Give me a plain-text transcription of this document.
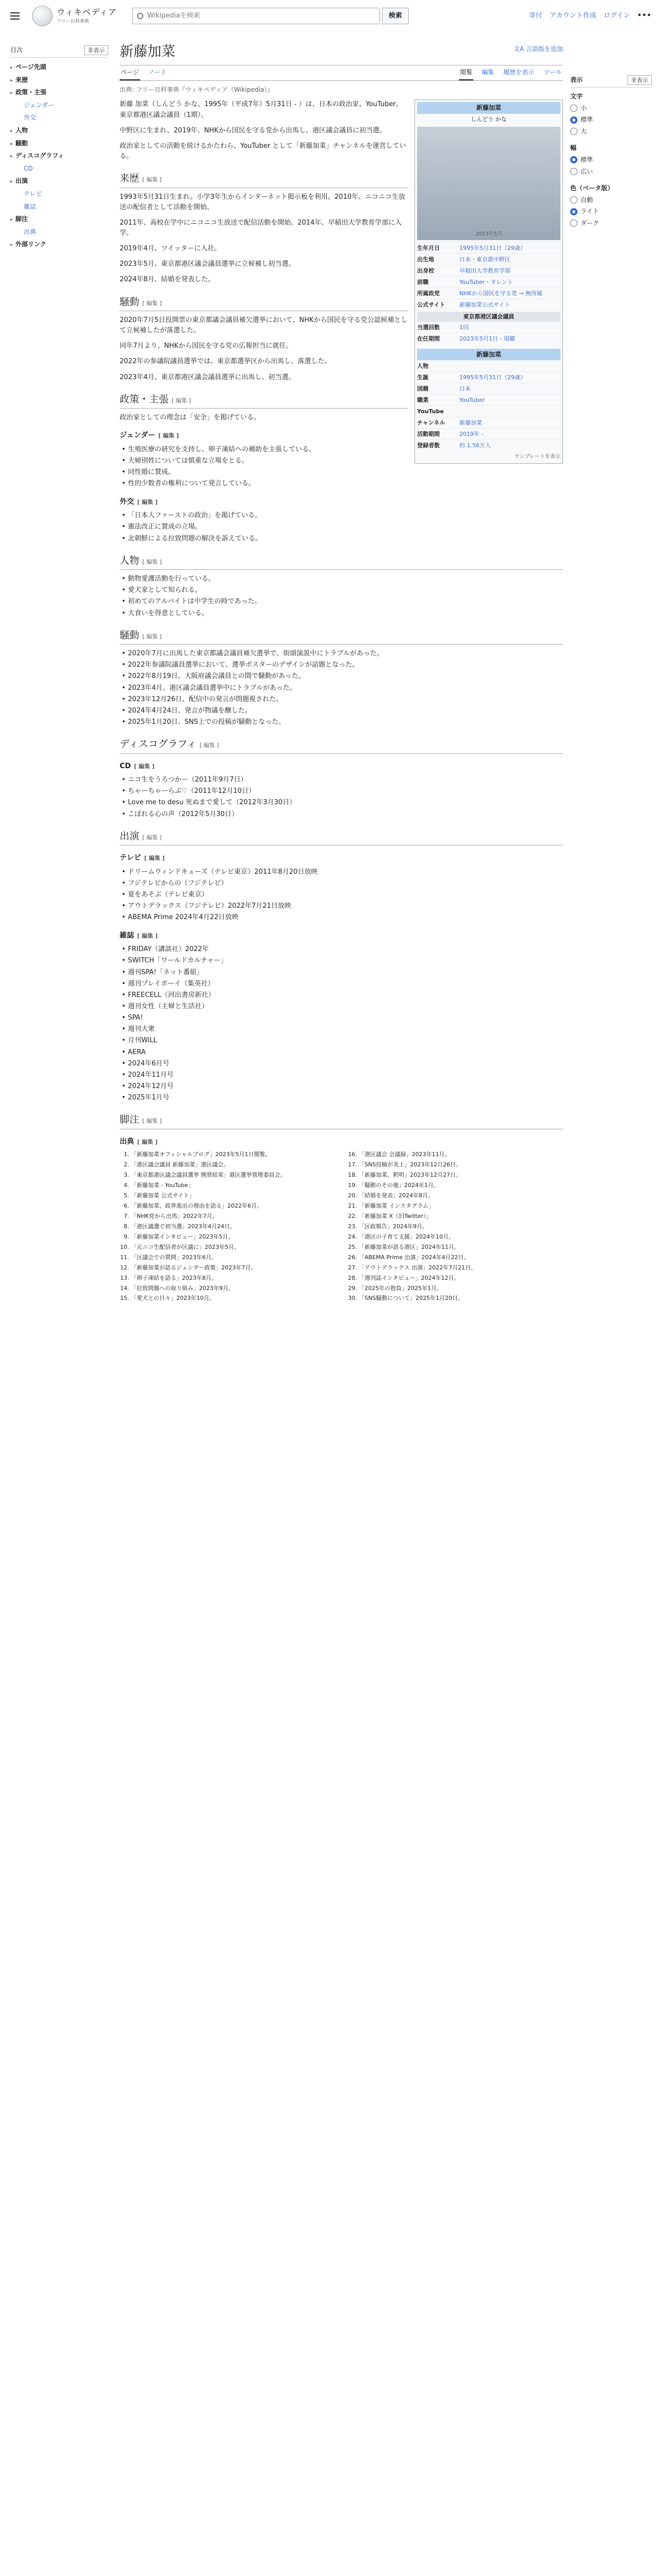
ウィキペディア
フリー百科事典
Wikipediaを検索	検索	寄付 アカウント作成 ログイン •••
目次	非表示
▸ ページ先頭
▸ 来歴
▸ 政策・主張
ジェンダー
外交
▸ 人物
▸ 騒動
▸ ディスコグラフィ
CD
▸ 出演
テレビ
雑誌
▸ 脚注
出典
▸ 外部リンク
表示	非表示
文字
小
標準
大
幅
標準
広い
色（ベータ版）
自動
ライト
ダーク
新藤加菜	文A 言語版を追加
ページ ノート	閲覧 編集 履歴を表示 ツール
出典: フリー百科事典『ウィキペディア（Wikipedia）』
新藤加菜
しんどう かな
2023年5月
生年月日	1995年5月31日（29歳）
出生地	日本・東京都中野区
出身校	早稲田大学教育学部
前職	YouTuber・タレント
所属政党	NHKから国民を守る党 → 無所属
公式サイト	新藤加菜公式サイト
東京都港区議会議員
当選回数	1回
在任期間	2023年5月1日 - 現職
新藤加菜
人物
生誕	1995年5月31日（29歳）
国籍	日本
職業	YouTuber
YouTube
チャンネル	新藤加菜
活動期間	2019年 -
登録者数	約 1.56万人
テンプレートを表示

新藤 加菜（しんどう かな、1995年（平成7年）5月31日 - ）は、日本の政治家、YouTuber。東京都港区議会議員（1期）。

中野区に生まれ、2019年、NHKから国民を守る党から出馬し、港区議会議員に初当選。

政治家としての活動を続けるかたわら、YouTuber として「新藤加菜」チャンネルを運営している。

来歴 [ 編集 ]

1993年5月31日生まれ。小学3年生からインターネット掲示板を利用。2010年、ニコニコ生放送の配信者として活動を開始。

2011年、高校在学中にニコニコ生放送で配信活動を開始。2014年、早稲田大学教育学部に入学。

2019年4月、ツイッターに入社。

2023年5月、東京都港区議会議員選挙に立候補し初当選。

2024年8月、結婚を発表した。

騒動 [ 編集 ]

2020年7月5日投開票の東京都議会議員補欠選挙において、NHKから国民を守る党公認候補として立候補したが落選した。

同年7月より、NHKから国民を守る党の広報担当に就任。

2022年の参議院議員選挙では、東京都選挙区から出馬し、落選した。

2023年4月、東京都港区議会議員選挙に出馬し、初当選。

政策・主張 [ 編集 ]

政治家としての理念は「安全」を掲げている。

ジェンダー [ 編集 ]
• 生殖医療の研究を支持し、卵子凍結への補助を主張している。
• 夫婦別姓については慎重な立場をとる。
• 同性婚に賛成。
• 性的少数者の権利について発言している。
外交 [ 編集 ]
• 「日本人ファーストの政治」を掲げている。
• 憲法改正に賛成の立場。
• 北朝鮮による拉致問題の解決を訴えている。
人物 [ 編集 ]
• 動物愛護活動を行っている。
• 愛犬家として知られる。
• 初めてのアルバイトは中学生の時であった。
• 大食いを得意としている。
騒動 [ 編集 ]
• 2020年7月に出馬した東京都議会議員補欠選挙で、街頭演説中にトラブルがあった。
• 2022年参議院議員選挙において、選挙ポスターのデザインが話題となった。
• 2022年8月19日、大阪府議会議員との間で騒動があった。
• 2023年4月、港区議会議員選挙中にトラブルがあった。
• 2023年12月26日、配信中の発言が問題視された。
• 2024年4月24日、発言が物議を醸した。
• 2025年1月20日、SNS上での投稿が騒動となった。
ディスコグラフィ [ 編集 ]
CD [ 編集 ]
• ニコ生をうろつかー（2011年9月7日）
• ちゃーちゃーらぶ♡（2011年12月10日）
• Love me to desu 死ぬまで愛して（2012年3月30日）
• こぼれる心の声（2012年5月30日）
出演 [ 編集 ]
テレビ [ 編集 ]
• ドリームウィンドキューズ（テレビ東京）2011年8月20日放映
• フジテレビからの（フジテレビ）
• 夏をあそぶ（テレビ東京）
• アウトデラックス（フジテレビ）2022年7月21日放映
• ABEMA Prime 2024年4月22日放映
雑誌 [ 編集 ]
• FRIDAY（講談社）2022年
• SWITCH「ワールドカルチャー」
• 週刊SPA!「ネット番組」
• 週刊プレイボーイ（集英社）
• FREECELL（河出書房新社）
• 週刊女性（主婦と生活社）
• SPA!
• 週刊大衆
• 月刊WiLL
• AERA
• 2024年6月号
• 2024年11月号
• 2024年12月号
• 2025年1月号
脚注 [ 編集 ]
出典 [ 編集 ]
1. 「新藤加菜オフィシャルブログ」2023年5月1日閲覧。
2. 「港区議会議員 新藤加菜」港区議会。
3. 「東京都港区議会議員選挙 開票結果」港区選挙管理委員会。
4. 「新藤加菜 - YouTube」
5. 「新藤加菜 公式サイト」
6. 「新藤加菜、政界進出の理由を語る」2022年6月。
7. 「NHK党から出馬」2022年7月。
8. 「港区議選で初当選」2023年4月24日。
9. 「新藤加菜インタビュー」2023年5月。
10. 「元ニコ生配信者が区議に」2023年5月。
11. 「区議会での質問」2023年6月。
12. 「新藤加菜が語るジェンダー政策」2023年7月。
13. 「卵子凍結を語る」2023年8月。
14. 「拉致問題への取り組み」2023年9月。
15. 「愛犬との日々」2023年10月。
16. 「港区議会 会議録」2023年11月。
17. 「SNS投稿が炎上」2023年12月26日。
18. 「新藤加菜、釈明」2023年12月27日。
19. 「騒動のその後」2024年1月。
20. 「結婚を発表」2024年8月。
21. 「新藤加菜 インスタグラム」
22. 「新藤加菜 X（旧Twitter）」
23. 「区政報告」2024年9月。
24. 「港区の子育て支援」2024年10月。
25. 「新藤加菜が語る港区」2024年11月。
26. 「ABEMA Prime 出演」2024年4月22日。
27. 「アウトデラックス 出演」2022年7月21日。
28. 「週刊誌インタビュー」2024年12月。
29. 「2025年の抱負」2025年1月。
30. 「SNS騒動について」2025年1月20日。
